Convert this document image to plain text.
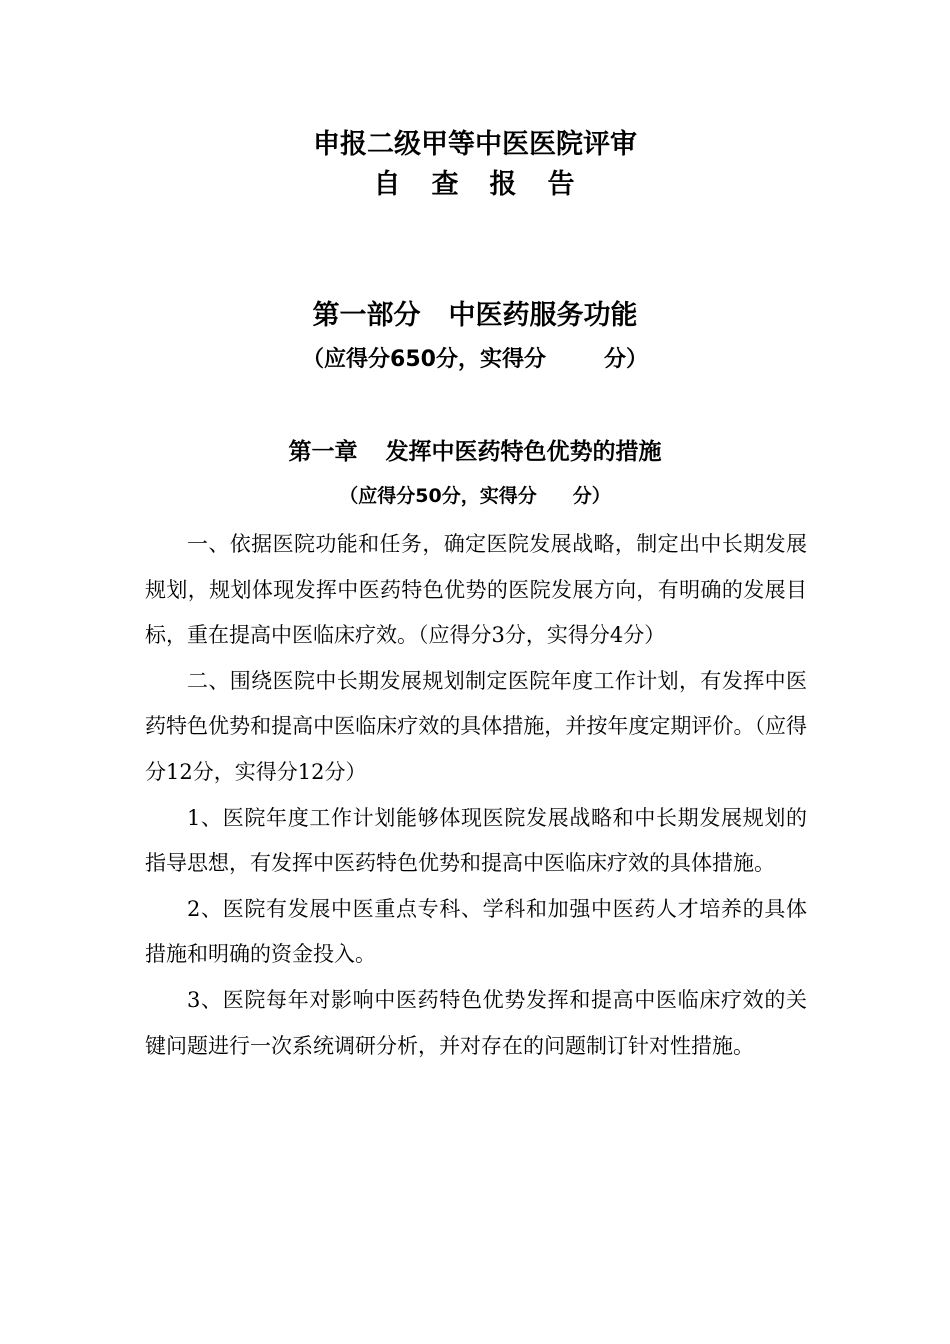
申报二级甲等中医医院评审
自　查　报　告
第一部分 中医药服务功能
（应得分650分，实得分	分）
第一章 发挥中医药特色优势的措施
（应得分50分，实得分 分）

一、依据医院功能和任务，确定医院发展战略，制定出中长期发展规划，规划体现发挥中医药特色优势的医院发展方向，有明确的发展目标，重在提高中医临床疗效。（应得分3分，实得分4分）

二、围绕医院中长期发展规划制定医院年度工作计划，有发挥中医药特色优势和提高中医临床疗效的具体措施，并按年度定期评价。（应得分12分，实得分12分）

1、医院年度工作计划能够体现医院发展战略和中长期发展规划的指导思想，有发挥中医药特色优势和提高中医临床疗效的具体措施。

2、医院有发展中医重点专科、学科和加强中医药人才培养的具体措施和明确的资金投入。

3、医院每年对影响中医药特色优势发挥和提高中医临床疗效的关键问题进行一次系统调研分析，并对存在的问题制订针对性措施。
